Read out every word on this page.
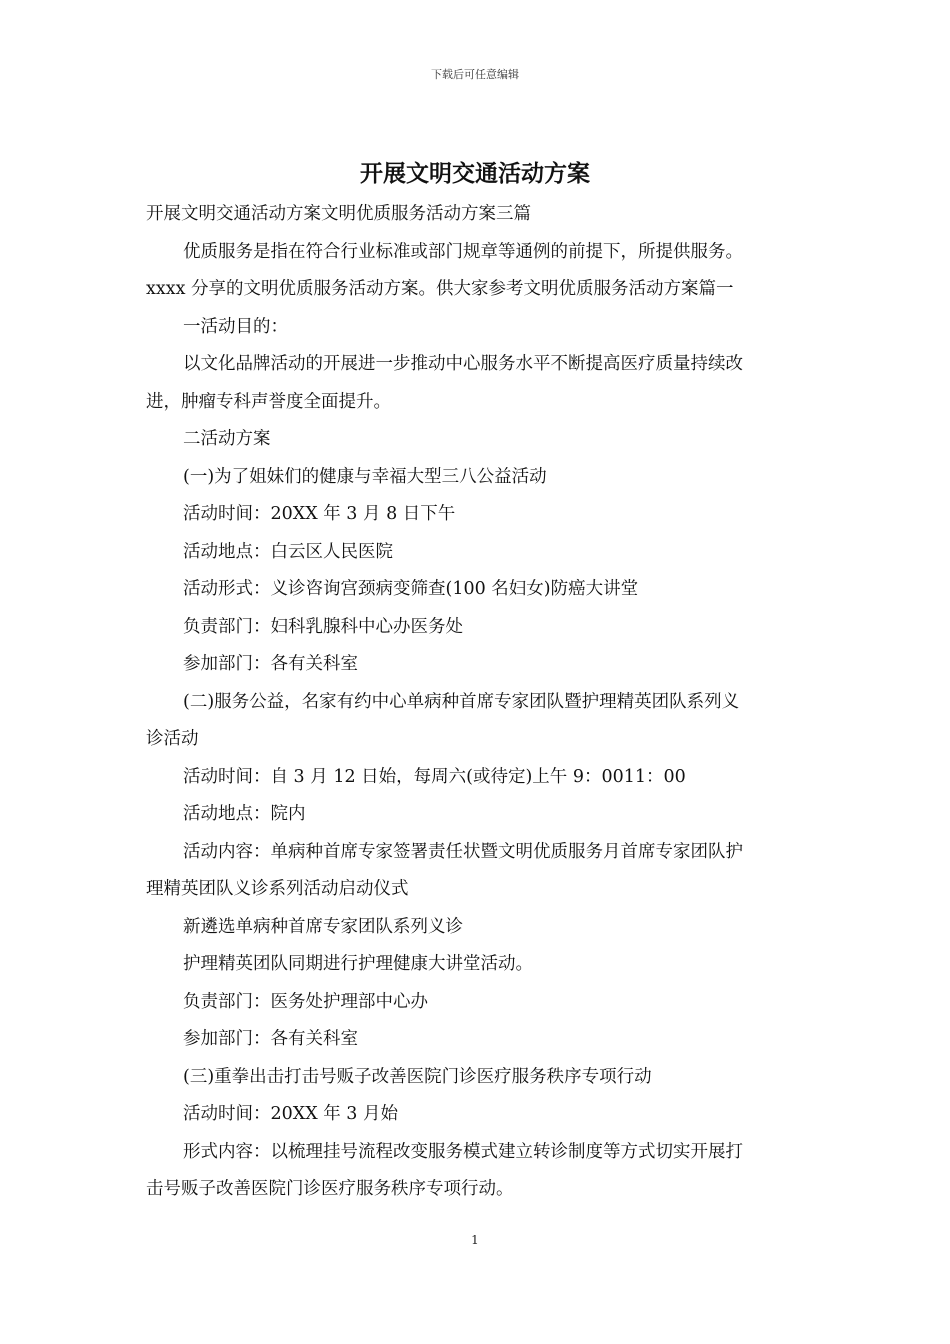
下载后可任意编辑
开展文明交通活动方案
开展文明交通活动方案文明优质服务活动方案三篇
优质服务是指在符合行业标准或部门规章等通例的前提下，所提供服务。
xxxx 分享的文明优质服务活动方案。供大家参考文明优质服务活动方案篇一
一活动目的：
以文化品牌活动的开展进一步推动中心服务水平不断提高医疗质量持续改
进，肿瘤专科声誉度全面提升。
二活动方案
(一)为了姐妹们的健康与幸福大型三八公益活动
活动时间：20XX 年 3 月 8 日下午
活动地点：白云区人民医院
活动形式：义诊咨询宫颈病变筛查(100 名妇女)防癌大讲堂
负责部门：妇科乳腺科中心办医务处
参加部门：各有关科室
(二)服务公益，名家有约中心单病种首席专家团队暨护理精英团队系列义
诊活动
活动时间：自 3 月 12 日始，每周六(或待定)上午 9：0011：00
活动地点：院内
活动内容：单病种首席专家签署责任状暨文明优质服务月首席专家团队护
理精英团队义诊系列活动启动仪式
新遴选单病种首席专家团队系列义诊
护理精英团队同期进行护理健康大讲堂活动。
负责部门：医务处护理部中心办
参加部门：各有关科室
(三)重拳出击打击号贩子改善医院门诊医疗服务秩序专项行动
活动时间：20XX 年 3 月始
形式内容：以梳理挂号流程改变服务模式建立转诊制度等方式切实开展打
击号贩子改善医院门诊医疗服务秩序专项行动。
1
